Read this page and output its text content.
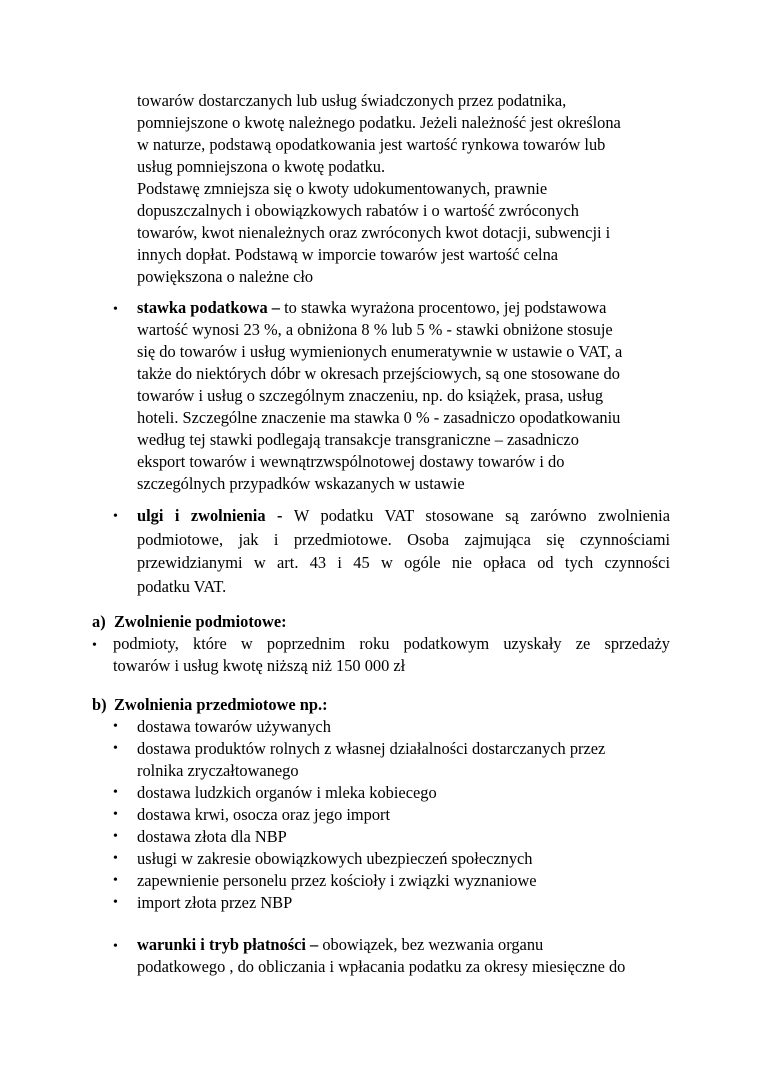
towarów dostarczanych lub usług świadczonych przez podatnika,
pomniejszone o kwotę należnego podatku. Jeżeli należność jest określona
w naturze, podstawą opodatkowania jest wartość rynkowa towarów lub
usług pomniejszona o kwotę podatku.
Podstawę zmniejsza się o kwoty udokumentowanych, prawnie
dopuszczalnych i obowiązkowych rabatów i o wartość zwróconych
towarów, kwot nienależnych oraz zwróconych kwot dotacji, subwencji i
innych dopłat. Podstawą w imporcie towarów jest wartość celna
powiększona o należne cło
• stawka podatkowa – to stawka wyrażona procentowo, jej podstawowa
wartość wynosi 23 %, a obniżona 8 % lub 5 % - stawki obniżone stosuje
się do towarów i usług wymienionych enumeratywnie w ustawie o VAT, a
także do niektórych dóbr w okresach przejściowych, są one stosowane do
towarów i usług o szczególnym znaczeniu, np. do książek, prasa, usług
hoteli. Szczególne znaczenie ma stawka 0 % - zasadniczo opodatkowaniu
według tej stawki podlegają transakcje transgraniczne – zasadniczo
eksport towarów i wewnątrzwspólnotowej dostawy towarów i do
szczególnych przypadków wskazanych w ustawie
• ulgi i zwolnienia - W podatku VAT stosowane są zarówno zwolnienia
podmiotowe, jak i przedmiotowe. Osoba zajmująca się czynnościami
przewidzianymi w art. 43 i 45 w ogóle nie opłaca od tych czynności
podatku VAT.
a) Zwolnienie podmiotowe:
• podmioty, które w poprzednim roku podatkowym uzyskały ze sprzedaży
towarów i usług kwotę niższą niż 150 000 zł
b) Zwolnienia przedmiotowe np.:
• dostawa towarów używanych
• dostawa produktów rolnych z własnej działalności dostarczanych przez
rolnika zryczałtowanego
• dostawa ludzkich organów i mleka kobiecego
• dostawa krwi, osocza oraz jego import
• dostawa złota dla NBP
• usługi w zakresie obowiązkowych ubezpieczeń społecznych
• zapewnienie personelu przez kościoły i związki wyznaniowe
• import złota przez NBP
• warunki i tryb płatności – obowiązek, bez wezwania organu
podatkowego , do obliczania i wpłacania podatku za okresy miesięczne do
